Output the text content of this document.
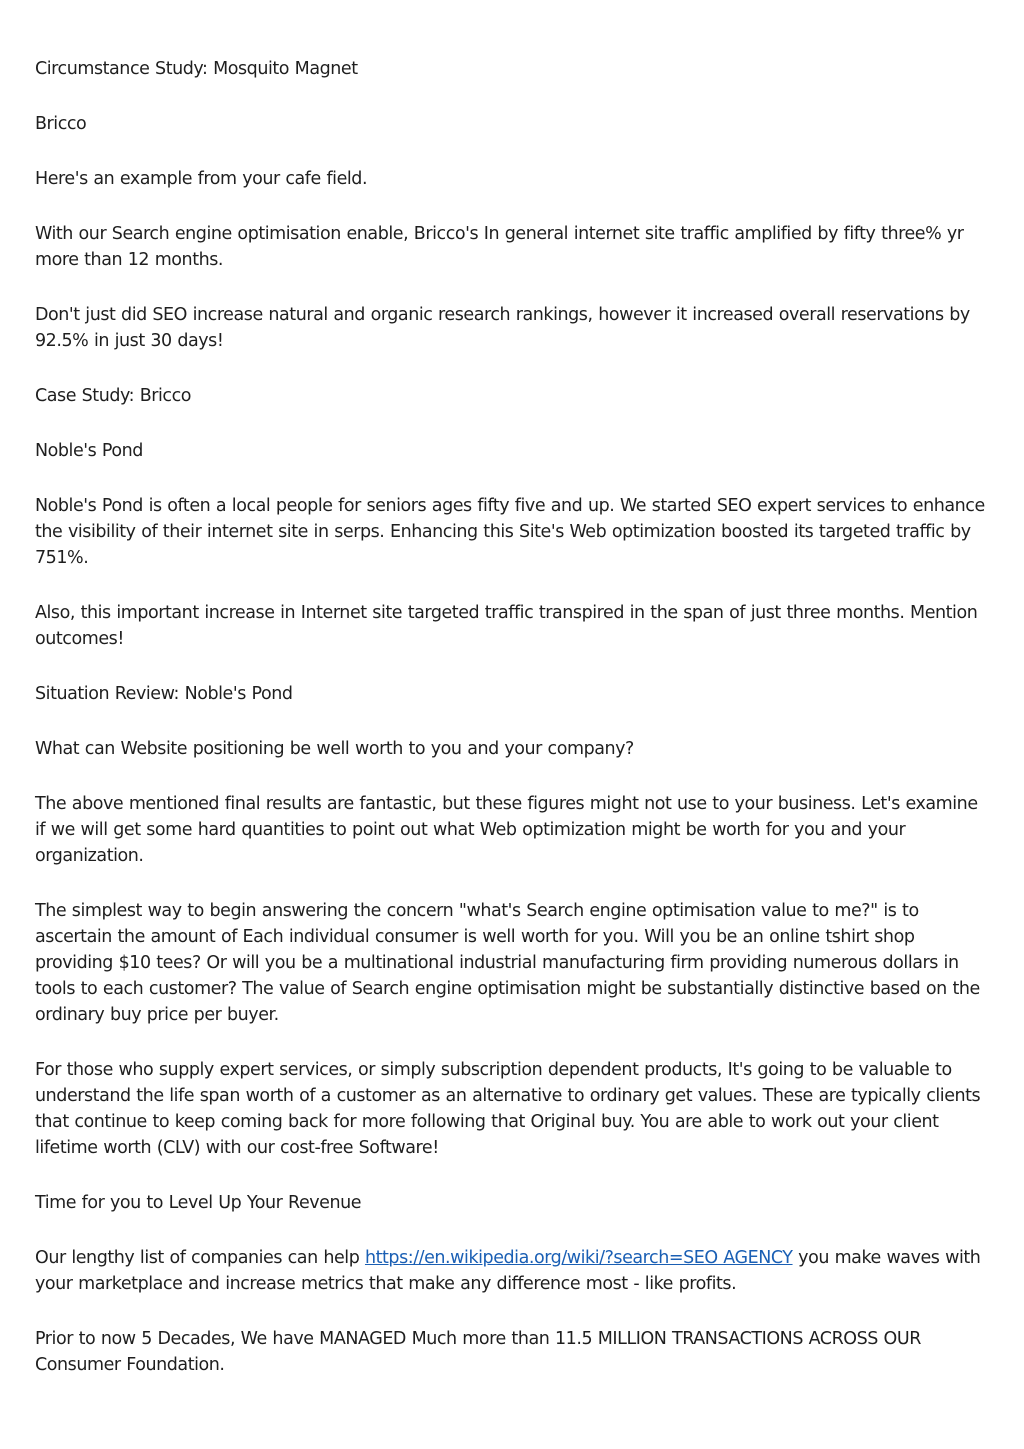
Circumstance Study: Mosquito Magnet

Bricco

Here's an example from your cafe field.

With our Search engine optimisation enable, Bricco's In general internet site traffic amplified by fifty three% yr more than 12 months.

Don't just did SEO increase natural and organic research rankings, however it increased overall reservations by 92.5% in just 30 days!

Case Study: Bricco

Noble's Pond

Noble's Pond is often a local people for seniors ages fifty five and up. We started SEO expert services to enhance the visibility of their internet site in serps. Enhancing this Site's Web optimization boosted its targeted traffic by 751%.

Also, this important increase in Internet site targeted traffic transpired in the span of just three months. Mention outcomes!

Situation Review: Noble's Pond

What can Website positioning be well worth to you and your company?

The above mentioned final results are fantastic, but these figures might not use to your business. Let's examine if we will get some hard quantities to point out what Web optimization might be worth for you and your organization.

The simplest way to begin answering the concern "what's Search engine optimisation value to me?" is to ascertain the amount of Each individual consumer is well worth for you. Will you be an online tshirt shop providing $10 tees? Or will you be a multinational industrial manufacturing firm providing numerous dollars in tools to each customer? The value of Search engine optimisation might be substantially distinctive based on the ordinary buy price per buyer.

For those who supply expert services, or simply subscription dependent products, It's going to be valuable to understand the life span worth of a customer as an alternative to ordinary get values. These are typically clients that continue to keep coming back for more following that Original buy. You are able to work out your client lifetime worth (CLV) with our cost-free Software!

Time for you to Level Up Your Revenue

Our lengthy list of companies can help https://en.wikipedia.org/wiki/?search=SEO AGENCY you make waves with your marketplace and increase metrics that make any difference most - like profits.

Prior to now 5 Decades, We have MANAGED Much more than 11.5 MILLION TRANSACTIONS ACROSS OUR Consumer Foundation.
